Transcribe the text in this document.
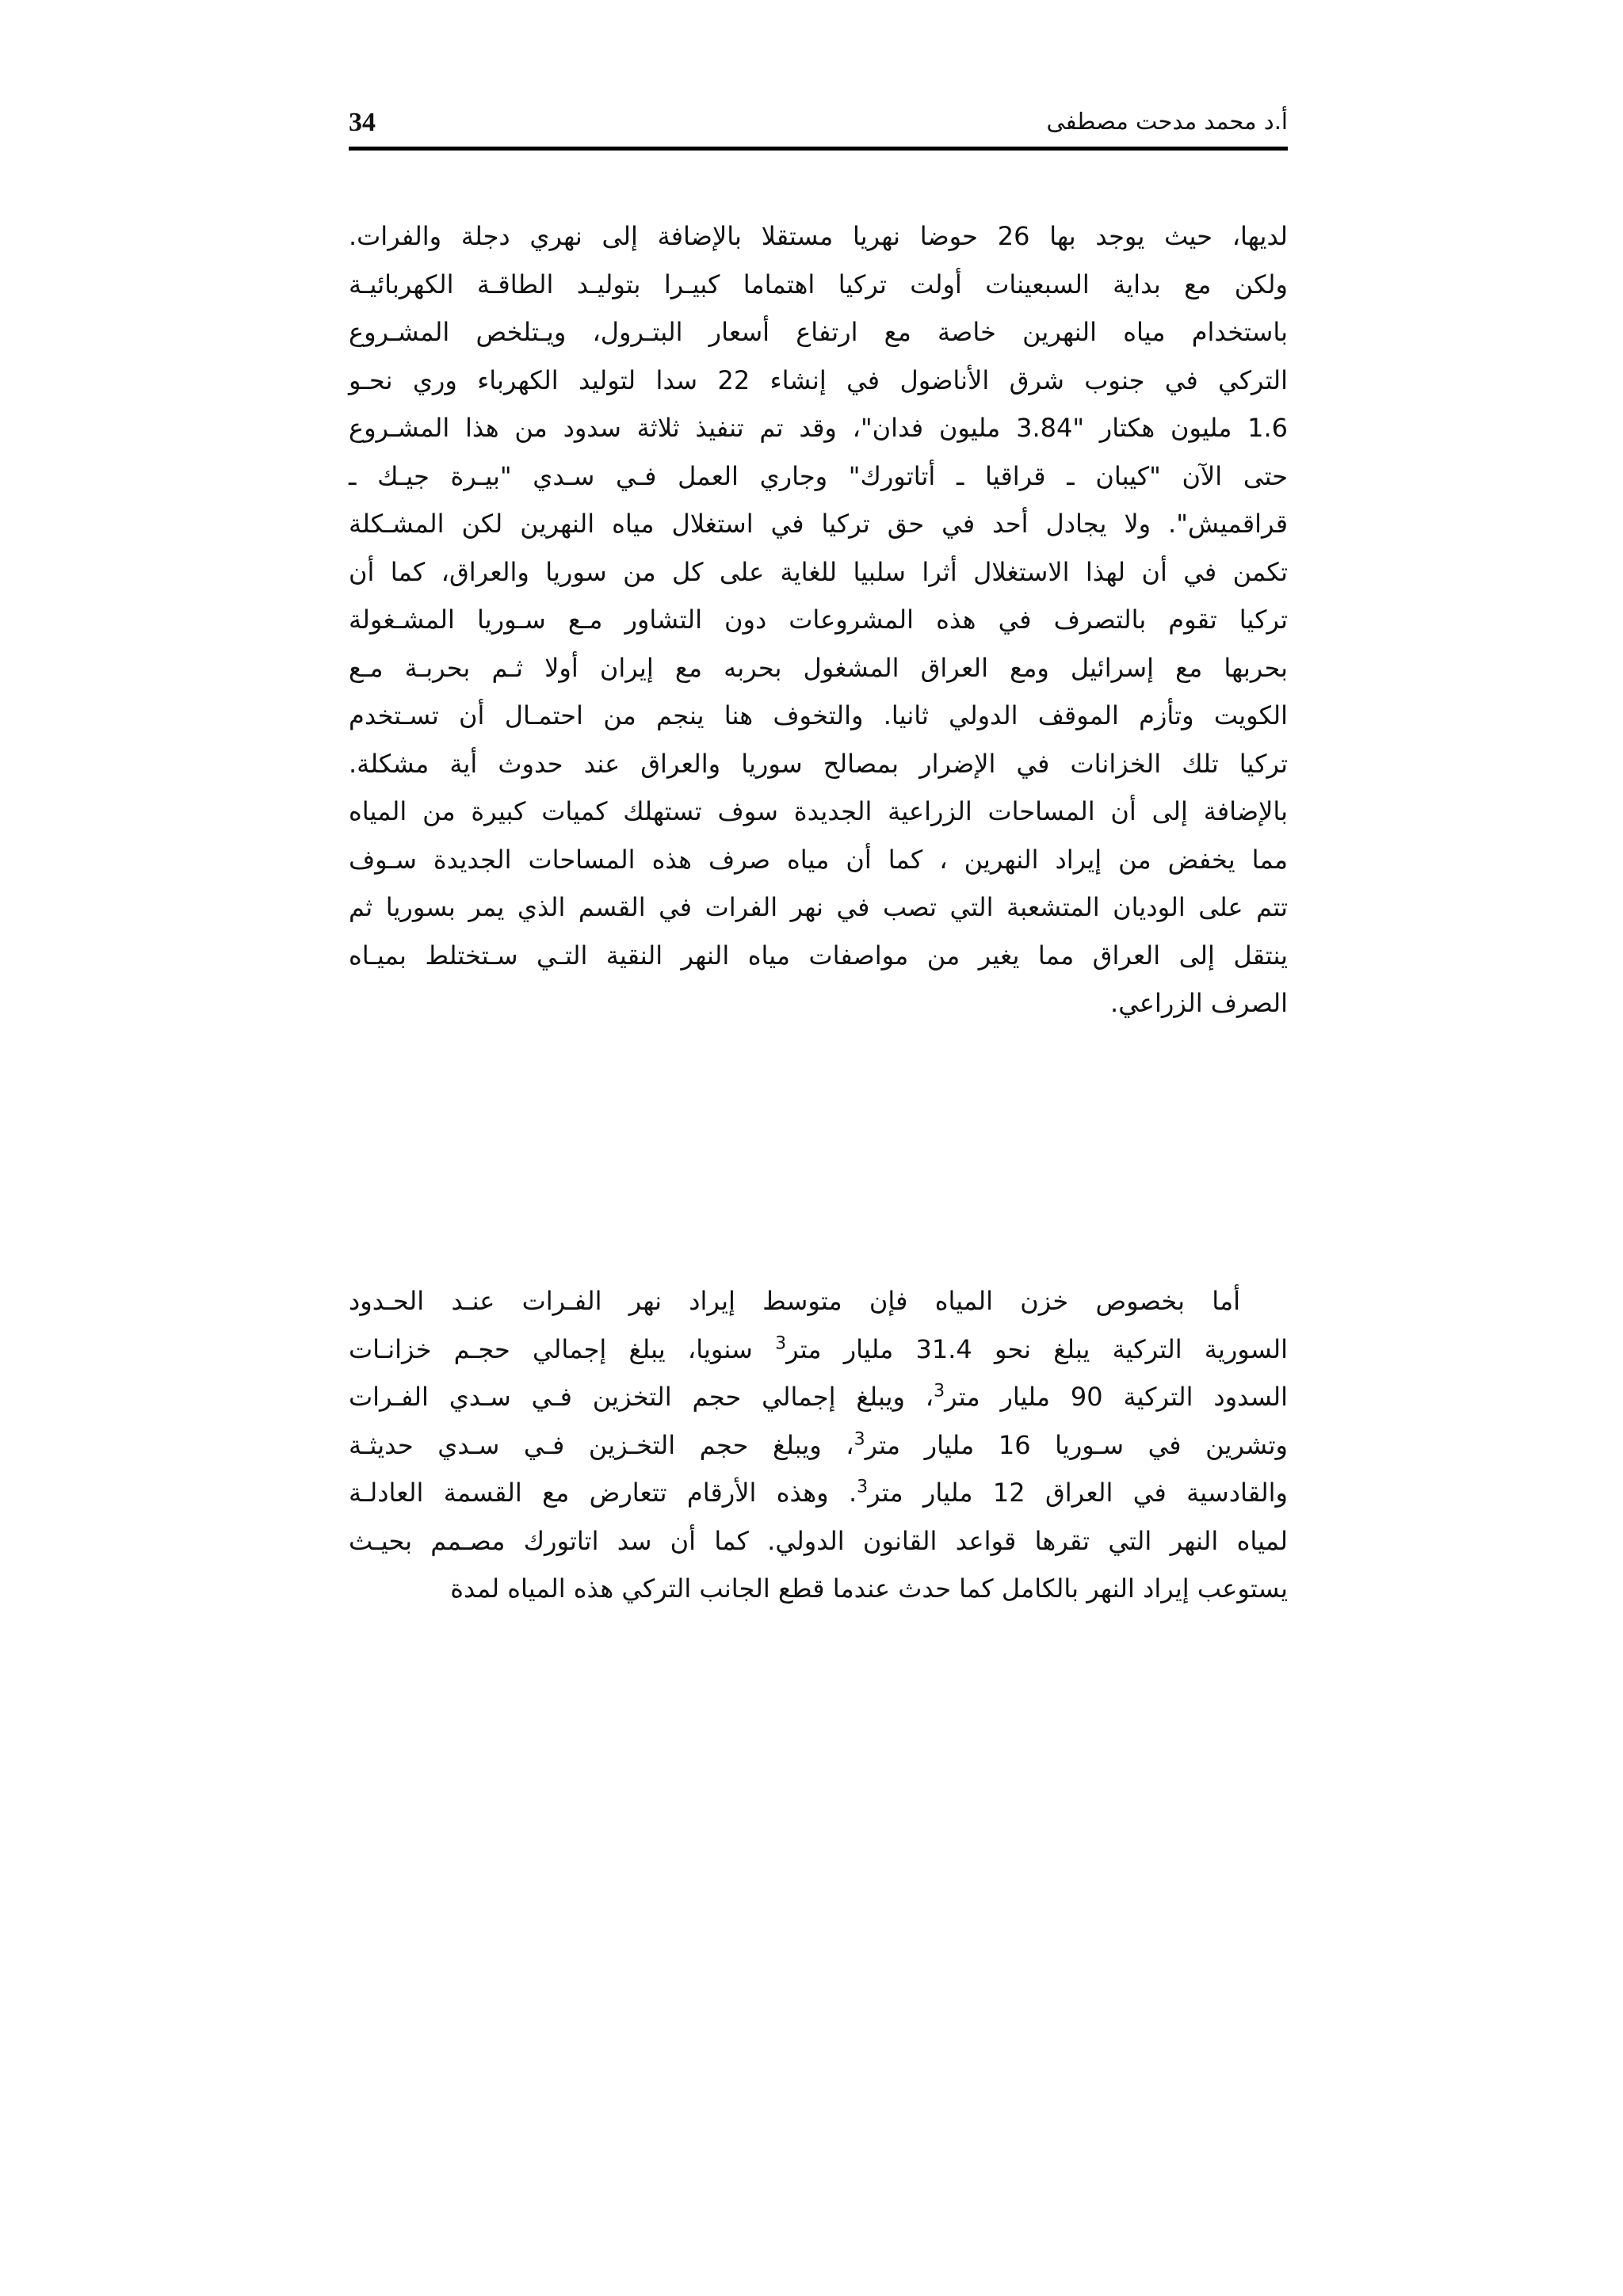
34	أ.د محمد مدحت مصطفى
لديها، حيث يوجد بها 26 حوضا نهريا مستقلا بالإضافة إلى نهري دجلة والفرات.
ولكن مع بداية السبعينات أولت تركيا اهتماما كبيـرا بتوليـد الطاقـة الكهربائيـة
باستخدام مياه النهرين خاصة مع ارتفاع أسعار البتـرول، ويـتلخص المشـروع
التركي في جنوب شرق الأناضول في إنشاء 22 سدا لتوليد الكهرباء وري نحـو
1.6 مليون هكتار "3.84 مليون فدان"، وقد تم تنفيذ ثلاثة سدود من هذا المشـروع
حتى الآن "كيبان ـ قراقيا ـ أتاتورك" وجاري العمل فـي سـدي "بيـرة جيـك ـ
قراقميش". ولا يجادل أحد في حق تركيا في استغلال مياه النهرين لكن المشـكلة
تكمن في أن لهذا الاستغلال أثرا سلبيا للغاية على كل من سوريا والعراق، كما أن
تركيا تقوم بالتصرف في هذه المشروعات دون التشاور مـع سـوريا المشـغولة
بحربها مع إسرائيل ومع العراق المشغول بحربه مع إيران أولا ثـم بحربـة مـع
الكويت وتأزم الموقف الدولي ثانيا. والتخوف هنا ينجم من احتمـال أن تسـتخدم
تركيا تلك الخزانات في الإضرار بمصالح سوريا والعراق عند حدوث أية مشكلة.
بالإضافة إلى أن المساحات الزراعية الجديدة سوف تستهلك كميات كبيرة من المياه
مما يخفض من إيراد النهرين ، كما أن مياه صرف هذه المساحات الجديدة سـوف
تتم على الوديان المتشعبة التي تصب في نهر الفرات في القسم الذي يمر بسوريا ثم
ينتقل إلى العراق مما يغير من مواصفات مياه النهر النقية التـي سـتختلط بميـاه
الصرف الزراعي.
أما بخصوص خزن المياه فإن متوسط إيراد نهر الفـرات عنـد الحـدود
السورية التركية يبلغ نحو 31.4 مليار متر$^3$ سنويا، يبلغ إجمالي حجـم خزانـات
السدود التركية 90 مليار متر$^3$، ويبلغ إجمالي حجم التخزين فـي سـدي الفـرات
وتشرين في سـوريا 16 مليار متر$^3$، ويبلغ حجم التخـزين فـي سـدي حديثـة
والقادسية في العراق 12 مليار متر$^3$. وهذه الأرقام تتعارض مع القسمة العادلـة
لمياه النهر التي تقرها قواعد القانون الدولي. كما أن سد اتاتورك مصـمم بحيـث
يستوعب إيراد النهر بالكامل كما حدث عندما قطع الجانب التركي هذه المياه لمدة
